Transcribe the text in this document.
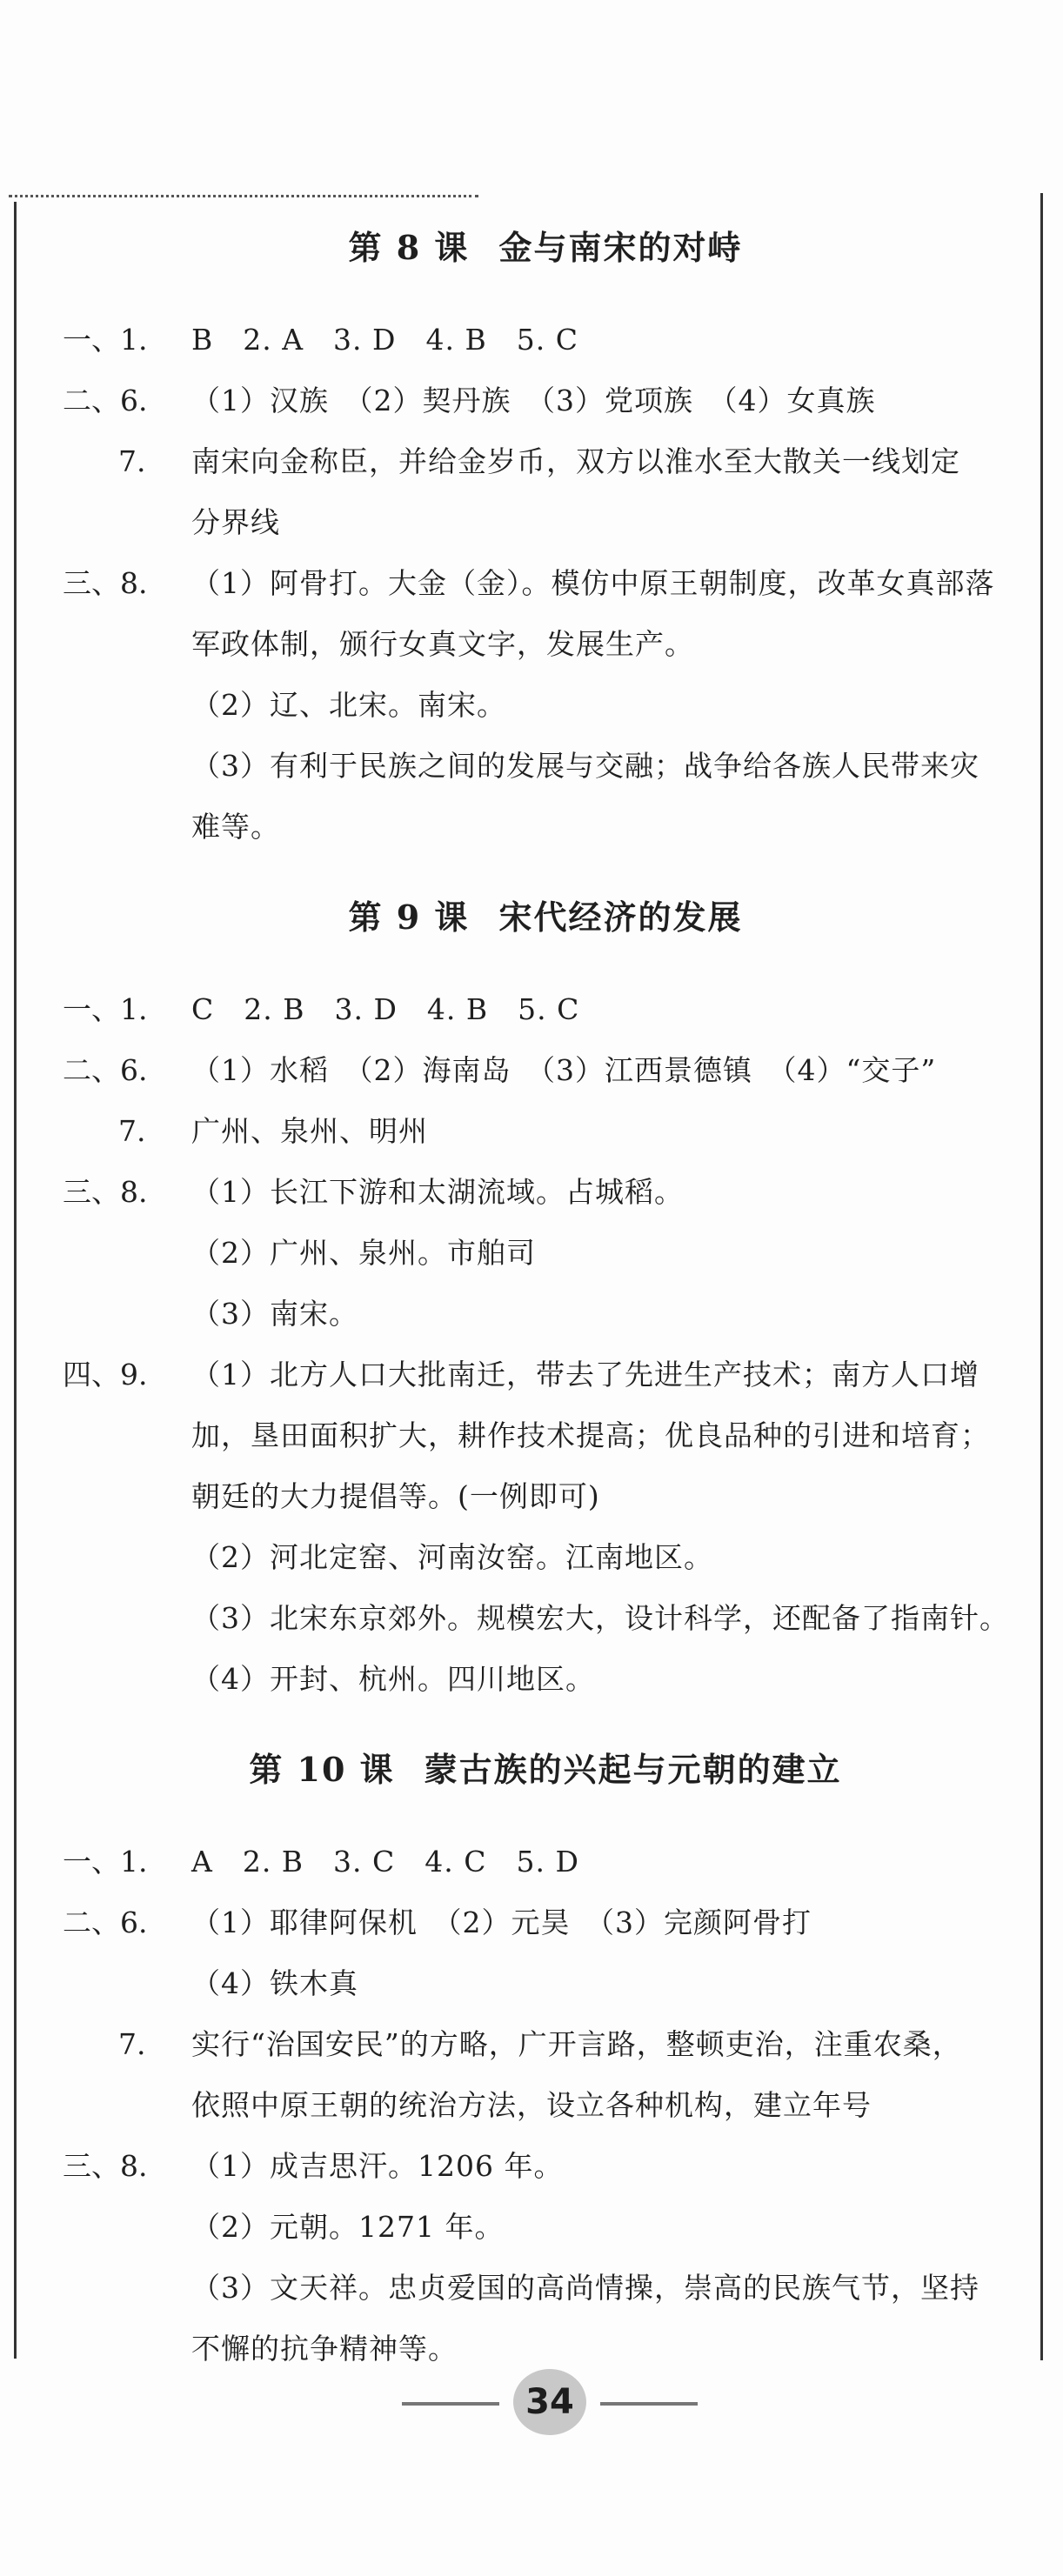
第 8 课 金与南宋的对峙
一、1.	B　2. A　3. D　4. B　5. C
二、6.	（1）汉族　（2）契丹族　（3）党项族　（4）女真族
7.	南宋向金称臣，并给金岁币，双方以淮水至大散关一线划定
分界线
三、8.	（1）阿骨打。大金（金）。模仿中原王朝制度，改革女真部落
军政体制，颁行女真文字，发展生产。
（2）辽、北宋。南宋。
（3）有利于民族之间的发展与交融；战争给各族人民带来灾
难等。
第 9 课 宋代经济的发展
一、1.	C　2. B　3. D　4. B　5. C
二、6.	（1）水稻　（2）海南岛　（3）江西景德镇　（4）“交子”
7.	广州、泉州、明州
三、8.	（1）长江下游和太湖流域。占城稻。
（2）广州、泉州。市舶司
（3）南宋。
四、9.	（1）北方人口大批南迁，带去了先进生产技术；南方人口增
加，垦田面积扩大，耕作技术提高；优良品种的引进和培育；
朝廷的大力提倡等。(一例即可)
（2）河北定窑、河南汝窑。江南地区。
（3）北宋东京郊外。规模宏大，设计科学，还配备了指南针。
（4）开封、杭州。四川地区。
第 10 课 蒙古族的兴起与元朝的建立
一、1.	A　2. B　3. C　4. C　5. D
二、6.	（1）耶律阿保机　（2）元昊　（3）完颜阿骨打
（4）铁木真
7.	实行“治国安民”的方略，广开言路，整顿吏治，注重农桑，
依照中原王朝的统治方法，设立各种机构，建立年号
三、8.	（1）成吉思汗。1206 年。
（2）元朝。1271 年。
（3）文天祥。忠贞爱国的高尚情操，崇高的民族气节，坚持
不懈的抗争精神等。
34
